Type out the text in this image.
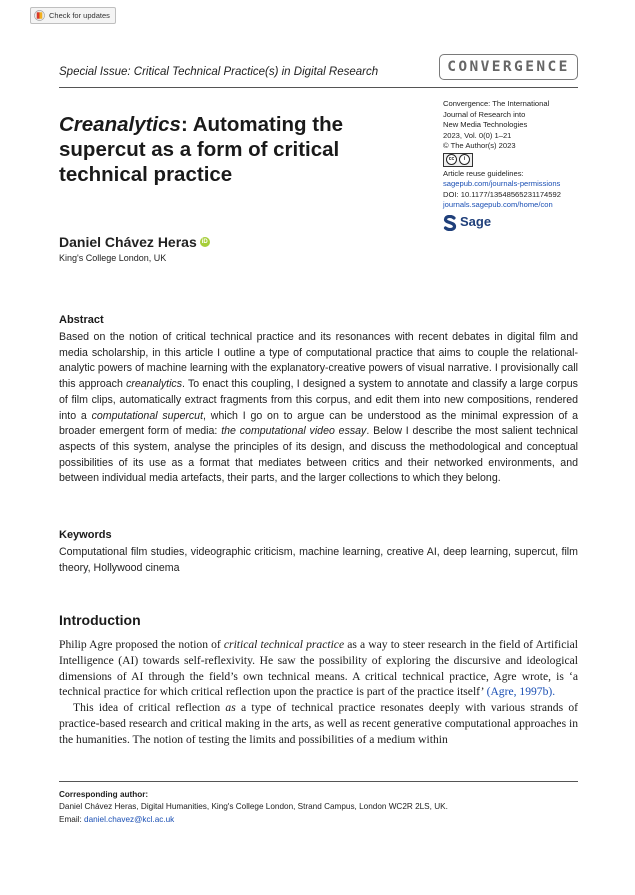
Check for updates
Special Issue: Critical Technical Practice(s) in Digital Research	CONVERGENCE
Convergence: The International
Journal of Research into
New Media Technologies
2023, Vol. 0(0) 1–21
© The Author(s) 2023
cc	i
Article reuse guidelines:
sagepub.com/journals-permissions
DOI: 10.1177/13548565231174592
journals.sagepub.com/home/con
Sage
Creanalytics: Automating the supercut as a form of critical technical practice
Daniel Chávez Heras iD
King's College London, UK
Abstract
Based on the notion of critical technical practice and its resonances with recent debates in digital film and media scholarship, in this article I outline a type of computational practice that aims to couple the relational-analytic powers of machine learning with the explanatory-creative powers of visual narrative. I provisionally call this approach creanalytics. To enact this coupling, I designed a system to annotate and classify a large corpus of film clips, automatically extract fragments from this corpus, and edit them into new compositions, rendered into a computational supercut, which I go on to argue can be understood as the minimal expression of a broader emergent form of media: the computational video essay. Below I describe the most salient technical aspects of this system, analyse the principles of its design, and discuss the methodological and conceptual possibilities of its use as a format that mediates between critics and their networked environments, and between individual media artefacts, their parts, and the larger collections to which they belong.
Keywords
Computational film studies, videographic criticism, machine learning, creative AI, deep learning, supercut, film theory, Hollywood cinema
Introduction

Philip Agre proposed the notion of critical technical practice as a way to steer research in the field of Artificial Intelligence (AI) towards self-reflexivity. He saw the possibility of exploring the discursive and ideological dimensions of AI through the field’s own technical means. A critical technical practice, Agre wrote, is ‘a technical practice for which critical reflection upon the practice is part of the practice itself’ (Agre, 1997b).

This idea of critical reflection as a type of technical practice resonates deeply with various strands of practice-based research and critical making in the arts, as well as recent generative computational approaches in the humanities. The notion of testing the limits and possibilities of a medium within

Corresponding author:
Daniel Chávez Heras, Digital Humanities, King's College London, Strand Campus, London WC2R 2LS, UK.
Email: daniel.chavez@kcl.ac.uk
